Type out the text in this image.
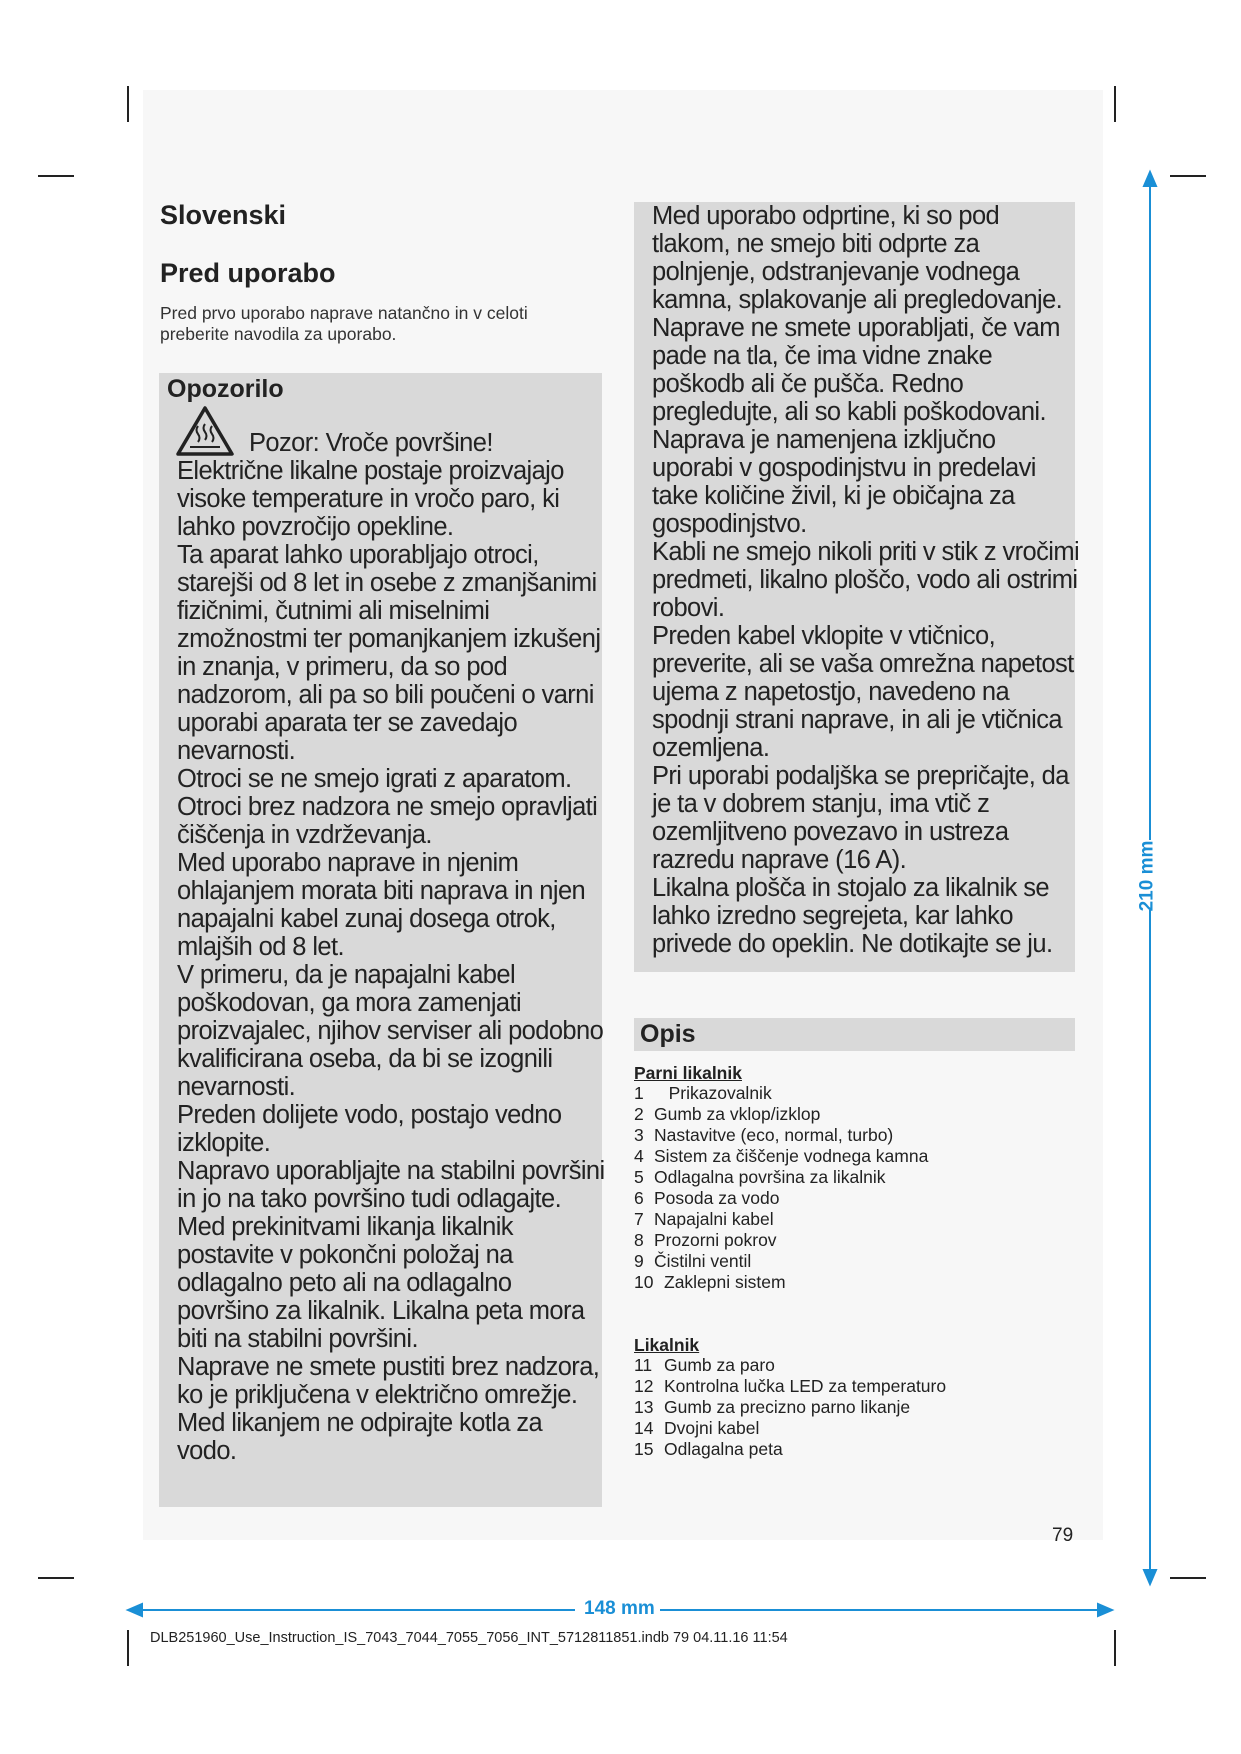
Slovenski
Pred uporabo
Pred prvo uporabo naprave natančno in v celoti preberite navodila za uporabo.
Opozorilo
Pozor: Vroče površine!
Električne likalne postaje proizvajajo visoke temperature in vročo paro, ki lahko povzročijo opekline.
Ta aparat lahko uporabljajo otroci, starejši od 8 let in osebe z zmanjšanimi fizičnimi, čutnimi ali miselnimi zmožnostmi ter pomanjkanjem izkušenj in znanja, v primeru, da so pod nadzorom, ali pa so bili poučeni o varni uporabi aparata ter se zavedajo nevarnosti.
Otroci se ne smejo igrati z aparatom.
Otroci brez nadzora ne smejo opravljati čiščenja in vzdrževanja.
Med uporabo naprave in njenim ohlajanjem morata biti naprava in njen napajalni kabel zunaj dosega otrok, mlajših od 8 let.
V primeru, da je napajalni kabel poškodovan, ga mora zamenjati proizvajalec, njihov serviser ali podobno kvalificirana oseba, da bi se izognili nevarnosti.
Preden dolijete vodo, postajo vedno izklopite.
Napravo uporabljajte na stabilni površini in jo na tako površino tudi odlagajte.
Med prekinitvami likanja likalnik postavite v pokončni položaj na odlagalno peto ali na odlagalno površino za likalnik. Likalna peta mora biti na stabilni površini.
Naprave ne smete pustiti brez nadzora, ko je priključena v električno omrežje.
Med likanjem ne odpirajte kotla za vodo.
Med uporabo odprtine, ki so pod tlakom, ne smejo biti odprte za polnjenje, odstranjevanje vodnega kamna, splakovanje ali pregledovanje.
Naprave ne smete uporabljati, če vam pade na tla, če ima vidne znake poškodb ali če pušča. Redno pregledujte, ali so kabli poškodovani.
Naprava je namenjena izključno uporabi v gospodinjstvu in predelavi take količine živil, ki je običajna za gospodinjstvo.
Kabli ne smejo nikoli priti v stik z vročimi predmeti, likalno ploščo, vodo ali ostrimi robovi.
Preden kabel vklopite v vtičnico, preverite, ali se vaša omrežna napetost ujema z napetostjo, navedeno na spodnji strani naprave, in ali je vtičnica ozemljena.
Pri uporabi podaljška se prepričajte, da je ta v dobrem stanju, ima vtič z ozemljitveno povezavo in ustreza razredu naprave (16 A).
Likalna plošča in stojalo za likalnik se lahko izredno segrejeta, kar lahko privede do opeklin. Ne dotikajte se ju.
Opis
Parni likalnik
1 Prikazovalnik
2 Gumb za vklop/izklop
3 Nastavitve (eco, normal, turbo)
4 Sistem za čiščenje vodnega kamna
5 Odlagalna površina za likalnik
6 Posoda za vodo
7 Napajalni kabel
8 Prozorni pokrov
9 Čistilni ventil
10 Zaklepni sistem
Likalnik
11 Gumb za paro
12 Kontrolna lučka LED za temperaturo
13 Gumb za precizno parno likanje
14 Dvojni kabel
15 Odlagalna peta
79
148 mm
210 mm
DLB251960_Use_Instruction_IS_7043_7044_7055_7056_INT_5712811851.indb 79 04.11.16 11:54
